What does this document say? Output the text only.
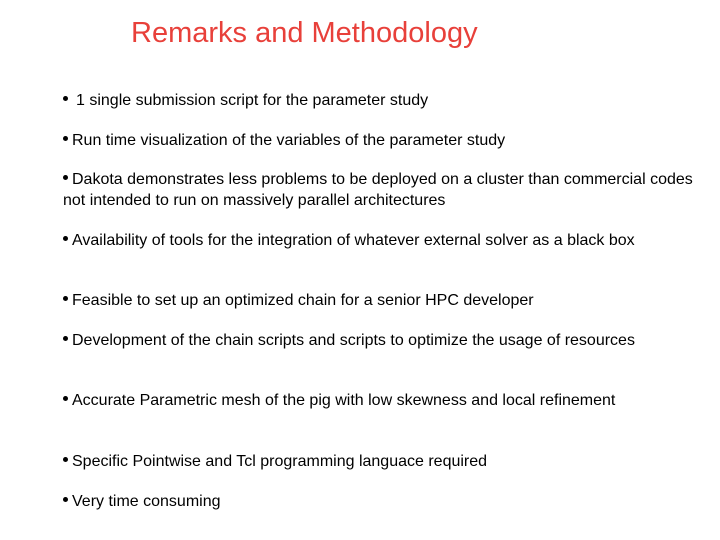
Remarks and Methodology
1 single submission script for the parameter study
Run time visualization of the variables of the parameter study
Dakota demonstrates less problems to be deployed on a cluster than commercial codes not intended to run on massively parallel architectures
Availability of tools for the integration of whatever external solver as a black box
Feasible to set up an optimized chain for a senior HPC developer
Development of the chain scripts and scripts to optimize the usage of resources
Accurate Parametric mesh of the pig with low skewness and local refinement
Specific Pointwise and Tcl programming languace required
Very time consuming
